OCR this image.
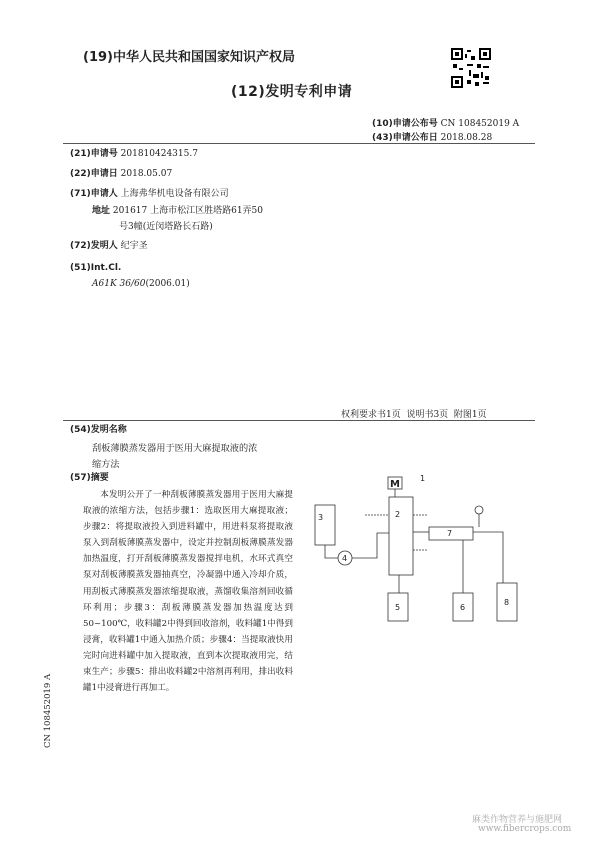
(19)中华人民共和国国家知识产权局
(12)发明专利申请
(10)申请公布号 CN 108452019 A
(43)申请公布日 2018.08.28
(21)申请号 201810424315.7
(22)申请日 2018.05.07
(71)申请人 上海弗华机电设备有限公司
地址 201617 上海市松江区胜塔路61弄50
号3幢(近闵塔路长石路)
(72)发明人 纪宇圣
(51)Int.Cl.
A61K 36/60(2006.01)
权利要求书1页  说明书3页  附图1页
(54)发明名称
刮板薄膜蒸发器用于医用大麻提取液的浓
缩方法
(57)摘要
本发明公开了一种刮板薄膜蒸发器用于医用大麻提取液的浓缩方法，包括步骤1：选取医用大麻提取液；步骤2：将提取液投入到进料罐中，用进料泵将提取液泵入到刮板薄膜蒸发器中，设定并控制刮板薄膜蒸发器加热温度，打开刮板薄膜蒸发器搅拌电机，水环式真空泵对刮板薄膜蒸发器抽真空，冷凝器中通入冷却介质，用刮板式薄膜蒸发器浓缩提取液，蒸馏收集溶剂回收循环利用；步骤3：刮板薄膜蒸发器加热温度达到50~100℃，收料罐2中得到回收溶剂，收料罐1中得到浸膏，收料罐1中通入加热介质；步骤4：当提取液快用完时向进料罐中加入提取液，直到本次提取液用完，结束生产；步骤5：排出收料罐2中溶剂再利用，排出收料罐1中浸膏进行再加工。
M
1
2
3
4
5	6
7
8
CN 108452019 A
麻类作物营养与施肥网
www.fibercrops.com
